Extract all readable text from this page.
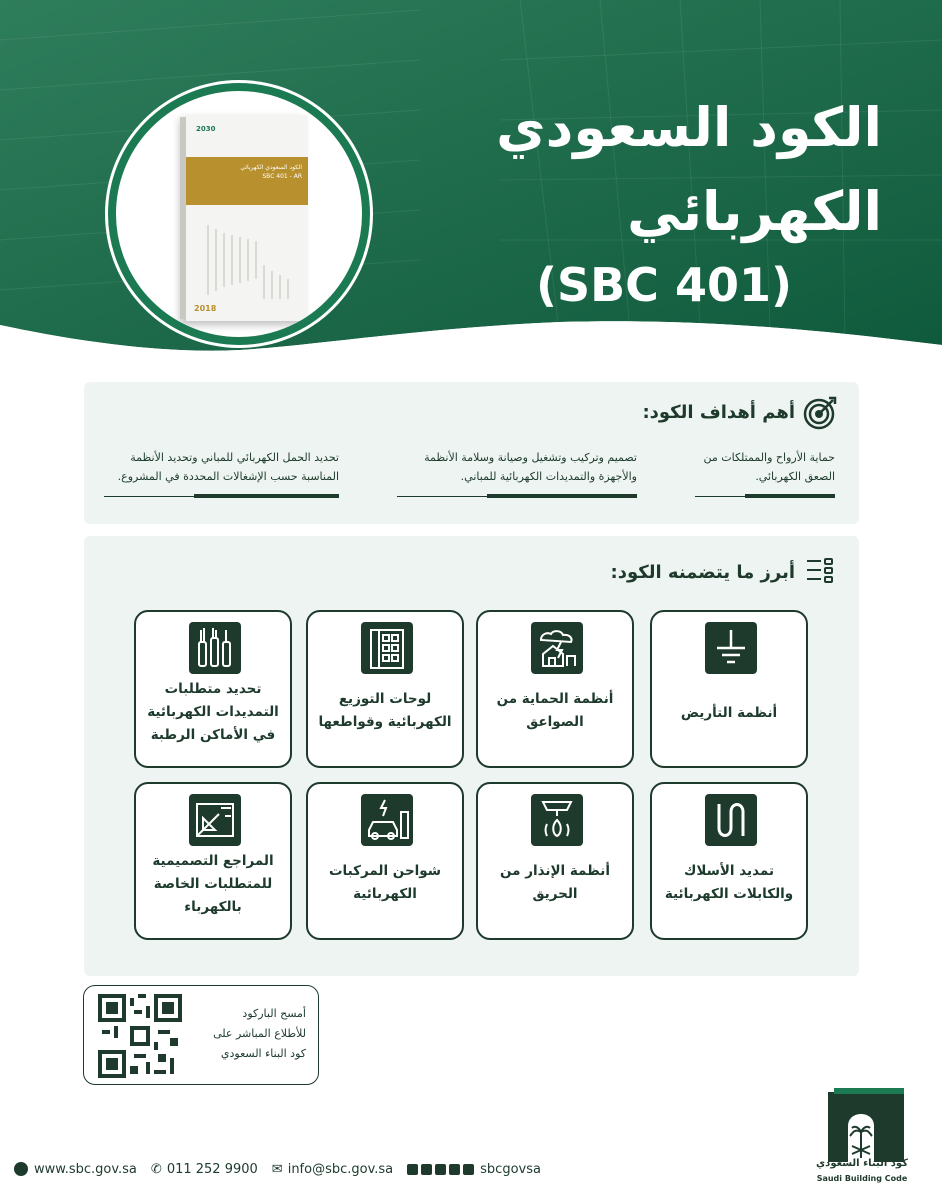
الكود السعودي
الكهربائي
(SBC 401)
2030
الكود السعودي الكهربائي
SBC 401 - AR
2018
أهم أهداف الكود:
حماية الأرواح والممتلكات من الصعق الكهربائي.
تصميم وتركيب وتشغيل وصيانة وسلامة الأنظمة والأجهزة والتمديدات الكهربائية للمباني.
تحديد الحمل الكهربائي للمباني وتحديد الأنظمة المناسبة حسب الإشغالات المحددة في المشروع.
أبرز ما يتضمنه الكود:
أنظمة التأريض
أنظمة الحماية من الصواعق
لوحات التوزيع الكهربائية وقواطعها
تحديد متطلبات التمديدات الكهربائية في الأماكن الرطبة
تمديد الأسلاك والكابلات الكهربائية
أنظمة الإنذار من الحريق
شواحن المركبات الكهربائية
المراجع التصميمية للمتطلبات الخاصة بالكهرباء
أمسح الباركود
للأطلاع المباشر على
كود البناء السعودي
كود البناء السعودي
Saudi Building Code
www.sbc.gov.sa ✆ 011 252 9900 ✉ info@sbc.gov.sa	sbcgovsa
